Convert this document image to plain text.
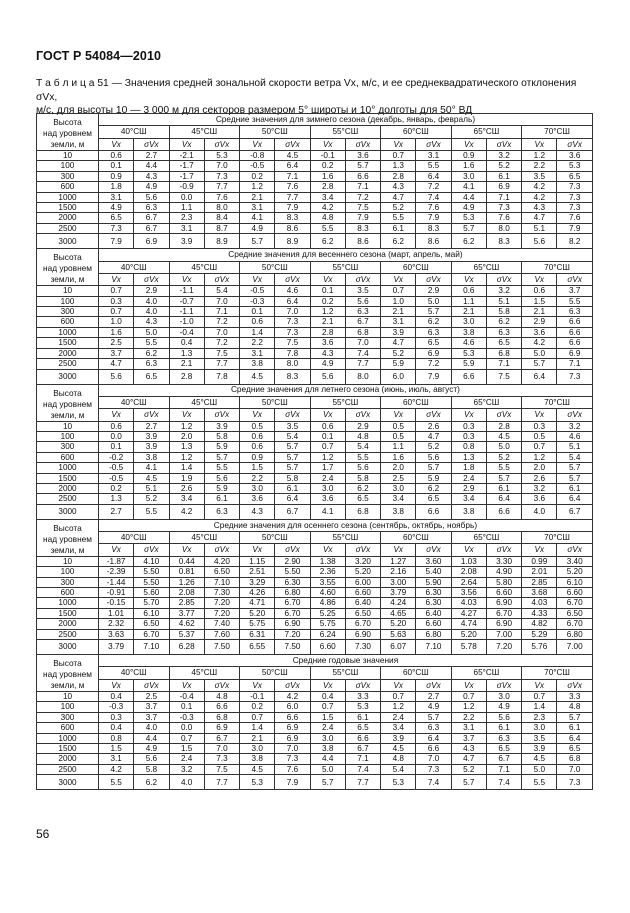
ГОСТ Р 54084—2010
Т а б л и ц а 51 — Значения средней зональной скорости ветра Vx, м/с, и ее среднеквадратического отклонения σVx,
м/с, для высоты 10 — 3 000 м для секторов размером 5° широты и 10° долготы для 50° ВД
Высота
над уровнем
земли, м	Средние значения для зимнего сезона (декабрь, январь, февраль)													
	40°СШ		45°СШ		50°СШ		55°СШ		60°СШ		65°СШ		70°СШ	
	Vx	σVx	Vx	σVx	Vx	σVx	Vx	σVx	Vx	σVx	Vx	σVx	Vx	σVx
10	0.6	2.7	-2.1	5.3	-0.8	4.5	-0.1	3.6	0.7	3.1	0.9	3.2	1.2	3.6
100	0.1	4.4	-1.7	7.0	-0.5	6.4	0.2	5.7	1.3	5.5	1.6	5.2	2.2	5.3
300	0.9	4.3	-1.7	7.3	0.2	7.1	1.6	6.6	2.8	6.4	3.0	6.1	3.5	6.5
600	1.8	4.9	-0.9	7.7	1.2	7.6	2.8	7.1	4.3	7.2	4.1	6.9	4.2	7.3
1000	3.1	5.6	0.0	7.6	2.1	7.7	3.4	7.2	4.7	7.4	4.4	7.1	4.2	7.3
1500	4.9	6.3	1.1	8.0	3.1	7.9	4.2	7.5	5.2	7.6	4.9	7.3	4.3	7.3
2000	6.5	6.7	2.3	8.4	4.1	8.3	4.8	7.9	5.5	7.9	5.3	7.6	4.7	7.6
2500	7.3	6.7	3.1	8.7	4.9	8.6	5.5	8.3	6.1	8.3	5.7	8.0	5.1	7.9
3000	7.9	6.9	3.9	8.9	5.7	8.9	6.2	8.6	6.2	8.6	6.2	8.3	5.6	8.2

Высота
над уровнем
земли, м	Средние значения для весеннего сезона (март, апрель, май)													
	40°СШ		45°СШ		50°СШ		55°СШ		60°СШ		65°СШ		70°СШ	
	Vx	σVx	Vx	σVx	Vx	σVx	Vx	σVx	Vx	σVx	Vx	σVx	Vx	σVx
10	0.7	2.9	-1.1	5.4	-0.5	4.6	0.1	3.5	0.7	2.9	0.6	3.2	0.6	3.7
100	0.3	4.0	-0.7	7.0	-0.3	6.4	0.2	5.6	1.0	5.0	1.1	5.1	1.5	5.5
300	0.7	4.0	-1.1	7.1	0.1	7.0	1.2	6.3	2.1	5.7	2.1	5.8	2.1	6.3
600	1.0	4.3	-1.0	7.2	0.6	7.3	2.1	6.7	3.1	6.2	3.0	6.2	2.9	6.6
1000	1.6	5.0	-0.4	7.0	1.4	7.3	2.8	6.8	3.9	6.3	3.8	6.3	3.6	6.6
1500	2.5	5.5	0.4	7.2	2.2	7.5	3.6	7.0	4.7	6.5	4.6	6.5	4.2	6.6
2000	3.7	6.2	1.3	7.5	3.1	7.8	4.3	7.4	5.2	6.9	5.3	6.8	5.0	6.9
2500	4.7	6.3	2.1	7.7	3.8	8.0	4.9	7.7	5.9	7.2	5.9	7.1	5.7	7.1
3000	5.6	6.5	2.8	7.8	4.5	8.3	5.6	8.0	6.0	7.9	6.6	7.5	6.4	7.3

Высота
над уровнем
земли, м	Средние значения для летнего сезона (июнь, июль, август)													
	40°СШ		45°СШ		50°СШ		55°СШ		60°СШ		65°СШ		70°СШ	
	Vx	σVx	Vx	σVx	Vx	σVx	Vx	σVx	Vx	σVx	Vx	σVx	Vx	σVx
10	0.6	2.7	1.2	3.9	0.5	3.5	0.6	2.9	0.5	2.6	0.3	2.8	0.3	3.2
100	0.0	3.9	2.0	5.8	0.6	5.4	0.1	4.8	0.5	4.7	0.3	4.5	0.5	4.6
300	0.1	3.9	1.3	5.9	0.6	5.7	0.7	5.4	1.1	5.2	0.8	5.0	0.7	5.1
600	-0.2	3.8	1.2	5.7	0.9	5.7	1.2	5.5	1.6	5.6	1.3	5.2	1.2	5.4
1000	-0.5	4.1	1.4	5.5	1.5	5.7	1.7	5.6	2.0	5.7	1.8	5.5	2.0	5.7
1500	-0.5	4.5	1.9	5.6	2.2	5.8	2.4	5.8	2.5	5.9	2.4	5.7	2.6	5.7
2000	0.2	5.1	2.6	5.9	3.0	6.1	3.0	6.2	3.0	6.2	2.9	6.1	3.2	6.1
2500	1.3	5.2	3.4	6.1	3.6	6.4	3.6	6.5	3.4	6.5	3.4	6.4	3.6	6.4
3000	2.7	5.5	4.2	6.3	4.3	6.7	4.1	6.8	3.8	6.6	3.8	6.6	4.0	6.7

Высота
над уровнем
земли, м	Средние значения для осеннего сезона (сентябрь, октябрь, ноябрь)													
	40°СШ		45°СШ		50°СШ		55°СШ		60°СШ		65°СШ		70°СШ	
	Vx	σVx	Vx	σVx	Vx	σVx	Vx	σVx	Vx	σVx	Vx	σVx	Vx	σVx
10	-1.87	4.10	0.44	4.20	1.15	2.90	1.38	3.20	1.27	3.60	1.03	3.30	0.99	3.40
100	-2.39	5.50	0.81	6.50	2.51	5.50	2.36	5.20	2.16	5.40	2.08	4.90	2.01	5.20
300	-1.44	5.50	1.26	7.10	3.29	6.30	3.55	6.00	3.00	5.90	2.64	5.80	2.85	6.10
600	-0.91	5.60	2.08	7.30	4.26	6.80	4.60	6.60	3.79	6.30	3.56	6.60	3.68	6.60
1000	-0.15	5.70	2.85	7.20	4.71	6.70	4.86	6.40	4.24	6.30	4.03	6.90	4.03	6.70
1500	1.01	6.10	3.77	7.20	5.20	6.70	5.25	6.50	4.65	6.40	4.27	6.70	4.33	6.50
2000	2.32	6.50	4.62	7.40	5.75	6.90	5.75	6.70	5.20	6.60	4.74	6.90	4.82	6.70
2500	3.63	6.70	5.37	7.60	6.31	7.20	6.24	6.90	5.63	6.80	5.20	7.00	5.29	6.80
3000	3.79	7.10	6.28	7.50	6.55	7.50	6.60	7.30	6.07	7.10	5.78	7.20	5.76	7.00

Высота
над уровнем
земли, м	Средние годовые значения													
	40°СШ		45°СШ		50°СШ		55°СШ		60°СШ		65°СШ		70°СШ	
	Vx	σVx	Vx	σVx	Vx	σVx	Vx	σVx	Vx	σVx	Vx	σVx	Vx	σVx
10	0.4	2.5	-0.4	4.8	-0.1	4.2	0.4	3.3	0.7	2.7	0.7	3.0	0.7	3.3
100	-0.3	3.7	0.1	6.6	0.2	6.0	0.7	5.3	1.2	4.9	1.2	4.9	1.4	4.8
300	0.3	3.7	-0.3	6.8	0.7	6.6	1.5	6.1	2.4	5.7	2.2	5.6	2.3	5.7
600	0.4	4.0	0.0	6.9	1.4	6.9	2.4	6.5	3.4	6.3	3.1	6.1	3.0	6.1
1000	0.8	4.4	0.7	6.7	2.1	6.9	3.0	6.6	3.9	6.4	3.7	6.3	3.5	6.4
1500	1.5	4.9	1.5	7.0	3.0	7.0	3.8	6.7	4.5	6.6	4.3	6.5	3.9	6.5
2000	3.1	5.6	2.4	7.3	3.8	7.3	4.4	7.1	4.8	7.0	4.7	6.7	4.5	6.8
2500	4.2	5.8	3.2	7.5	4.5	7.6	5.0	7.4	5.4	7.3	5.2	7.1	5.0	7.0
3000	5.5	6.2	4.0	7.7	5.3	7.9	5.7	7.7	5.3	7.4	5.7	7.4	5.5	7.3
56
